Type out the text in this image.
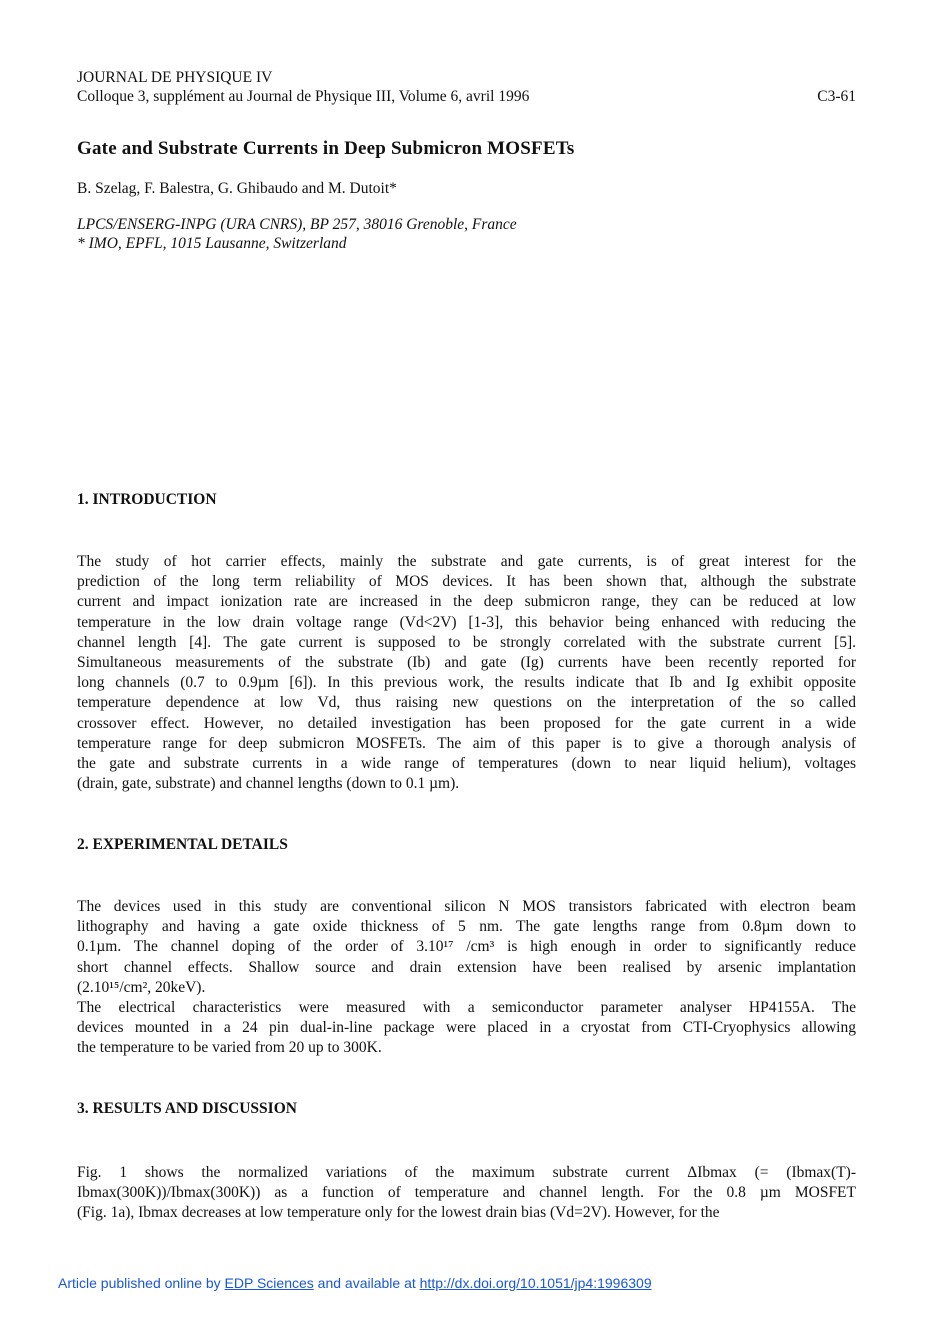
JOURNAL DE PHYSIQUE IV
Colloque 3, supplément au Journal de Physique III, Volume 6, avril 1996	C3-61
Gate and Substrate Currents in Deep Submicron MOSFETs
B. Szelag, F. Balestra, G. Ghibaudo and M. Dutoit*
LPCS/ENSERG-INPG (URA CNRS), BP 257, 38016 Grenoble, France
* IMO, EPFL, 1015 Lausanne, Switzerland
1. INTRODUCTION
The study of hot carrier effects, mainly the substrate and gate currents, is of great interest for the
prediction of the long term reliability of MOS devices. It has been shown that, although the substrate
current and impact ionization rate are increased in the deep submicron range, they can be reduced at low
temperature in the low drain voltage range (Vd<2V) [1-3], this behavior being enhanced with reducing the
channel length [4]. The gate current is supposed to be strongly correlated with the substrate current [5].
Simultaneous measurements of the substrate (Ib) and gate (Ig) currents have been recently reported for
long channels (0.7 to 0.9µm [6]). In this previous work, the results indicate that Ib and Ig exhibit opposite
temperature dependence at low Vd, thus raising new questions on the interpretation of the so called
crossover effect. However, no detailed investigation has been proposed for the gate current in a wide
temperature range for deep submicron MOSFETs. The aim of this paper is to give a thorough analysis of
the gate and substrate currents in a wide range of temperatures (down to near liquid helium), voltages
(drain, gate, substrate) and channel lengths (down to 0.1 µm).
2. EXPERIMENTAL DETAILS
The devices used in this study are conventional silicon N MOS transistors fabricated with electron beam
lithography and having a gate oxide thickness of 5 nm. The gate lengths range from 0.8µm down to
0.1µm. The channel doping of the order of 3.10¹⁷ /cm³ is high enough in order to significantly reduce
short channel effects. Shallow source and drain extension have been realised by arsenic implantation
(2.10¹⁵/cm², 20keV).
The electrical characteristics were measured with a semiconductor parameter analyser HP4155A. The
devices mounted in a 24 pin dual-in-line package were placed in a cryostat from CTI-Cryophysics allowing
the temperature to be varied from 20 up to 300K.
3. RESULTS AND DISCUSSION
Fig. 1 shows the normalized variations of the maximum substrate current ΔIbmax (= (Ibmax(T)-
Ibmax(300K))/Ibmax(300K)) as a function of temperature and channel length. For the 0.8 µm MOSFET
(Fig. 1a), Ibmax decreases at low temperature only for the lowest drain bias (Vd=2V). However, for the
Article published online by EDP Sciences and available at http://dx.doi.org/10.1051/jp4:1996309
